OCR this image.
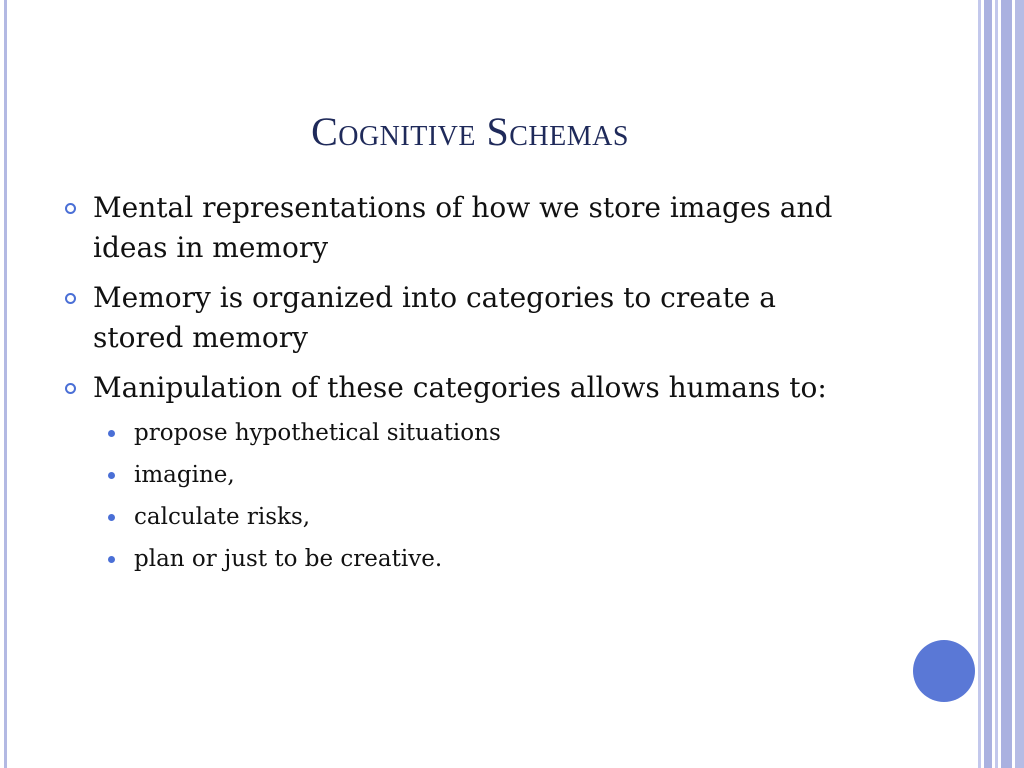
Cognitive Schemas
Mental representations of how we store images and ideas in memory
Memory is organized into categories to create a stored memory
Manipulation of these categories allows humans to:
propose hypothetical situations
imagine,
calculate risks,
plan or just to be creative.
